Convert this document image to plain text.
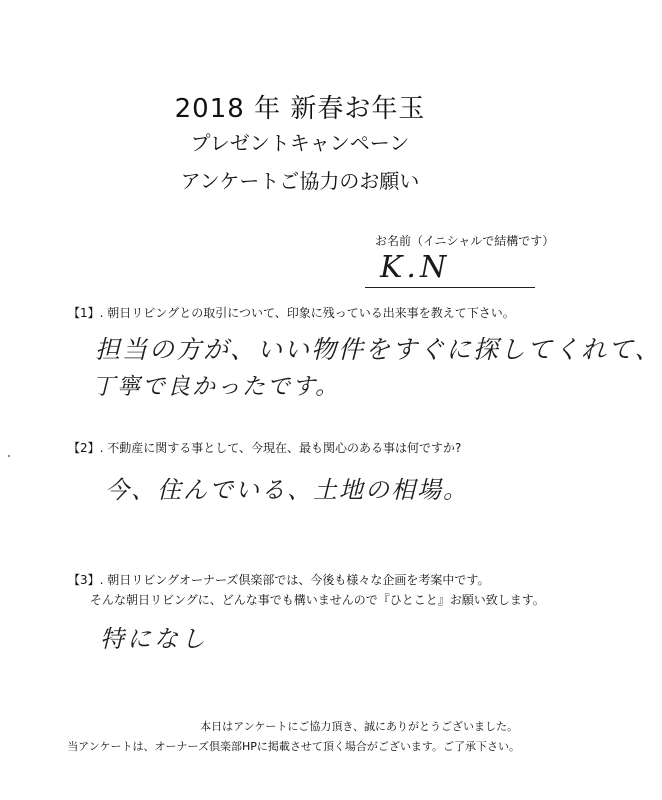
2018 年 新春お年玉
プレゼントキャンペーン
アンケートご協力のお願い
お名前（イニシャルで結構です）
K.N
【1】. 朝日リビングとの取引について、印象に残っている出来事を教えて下さい。
担当の方が、いい物件をすぐに探してくれて、
丁寧で良かったです。
【2】. 不動産に関する事として、今現在、最も関心のある事は何ですか?
今、住んでいる、土地の相場。
【3】. 朝日リビングオーナーズ倶楽部では、今後も様々な企画を考案中です。
そんな朝日リビングに、どんな事でも構いませんので『ひとこと』お願い致します。
特になし
本日はアンケートにご協力頂き、誠にありがとうございました。
当アンケートは、オーナーズ倶楽部HPに掲載させて頂く場合がございます。ご了承下さい。
